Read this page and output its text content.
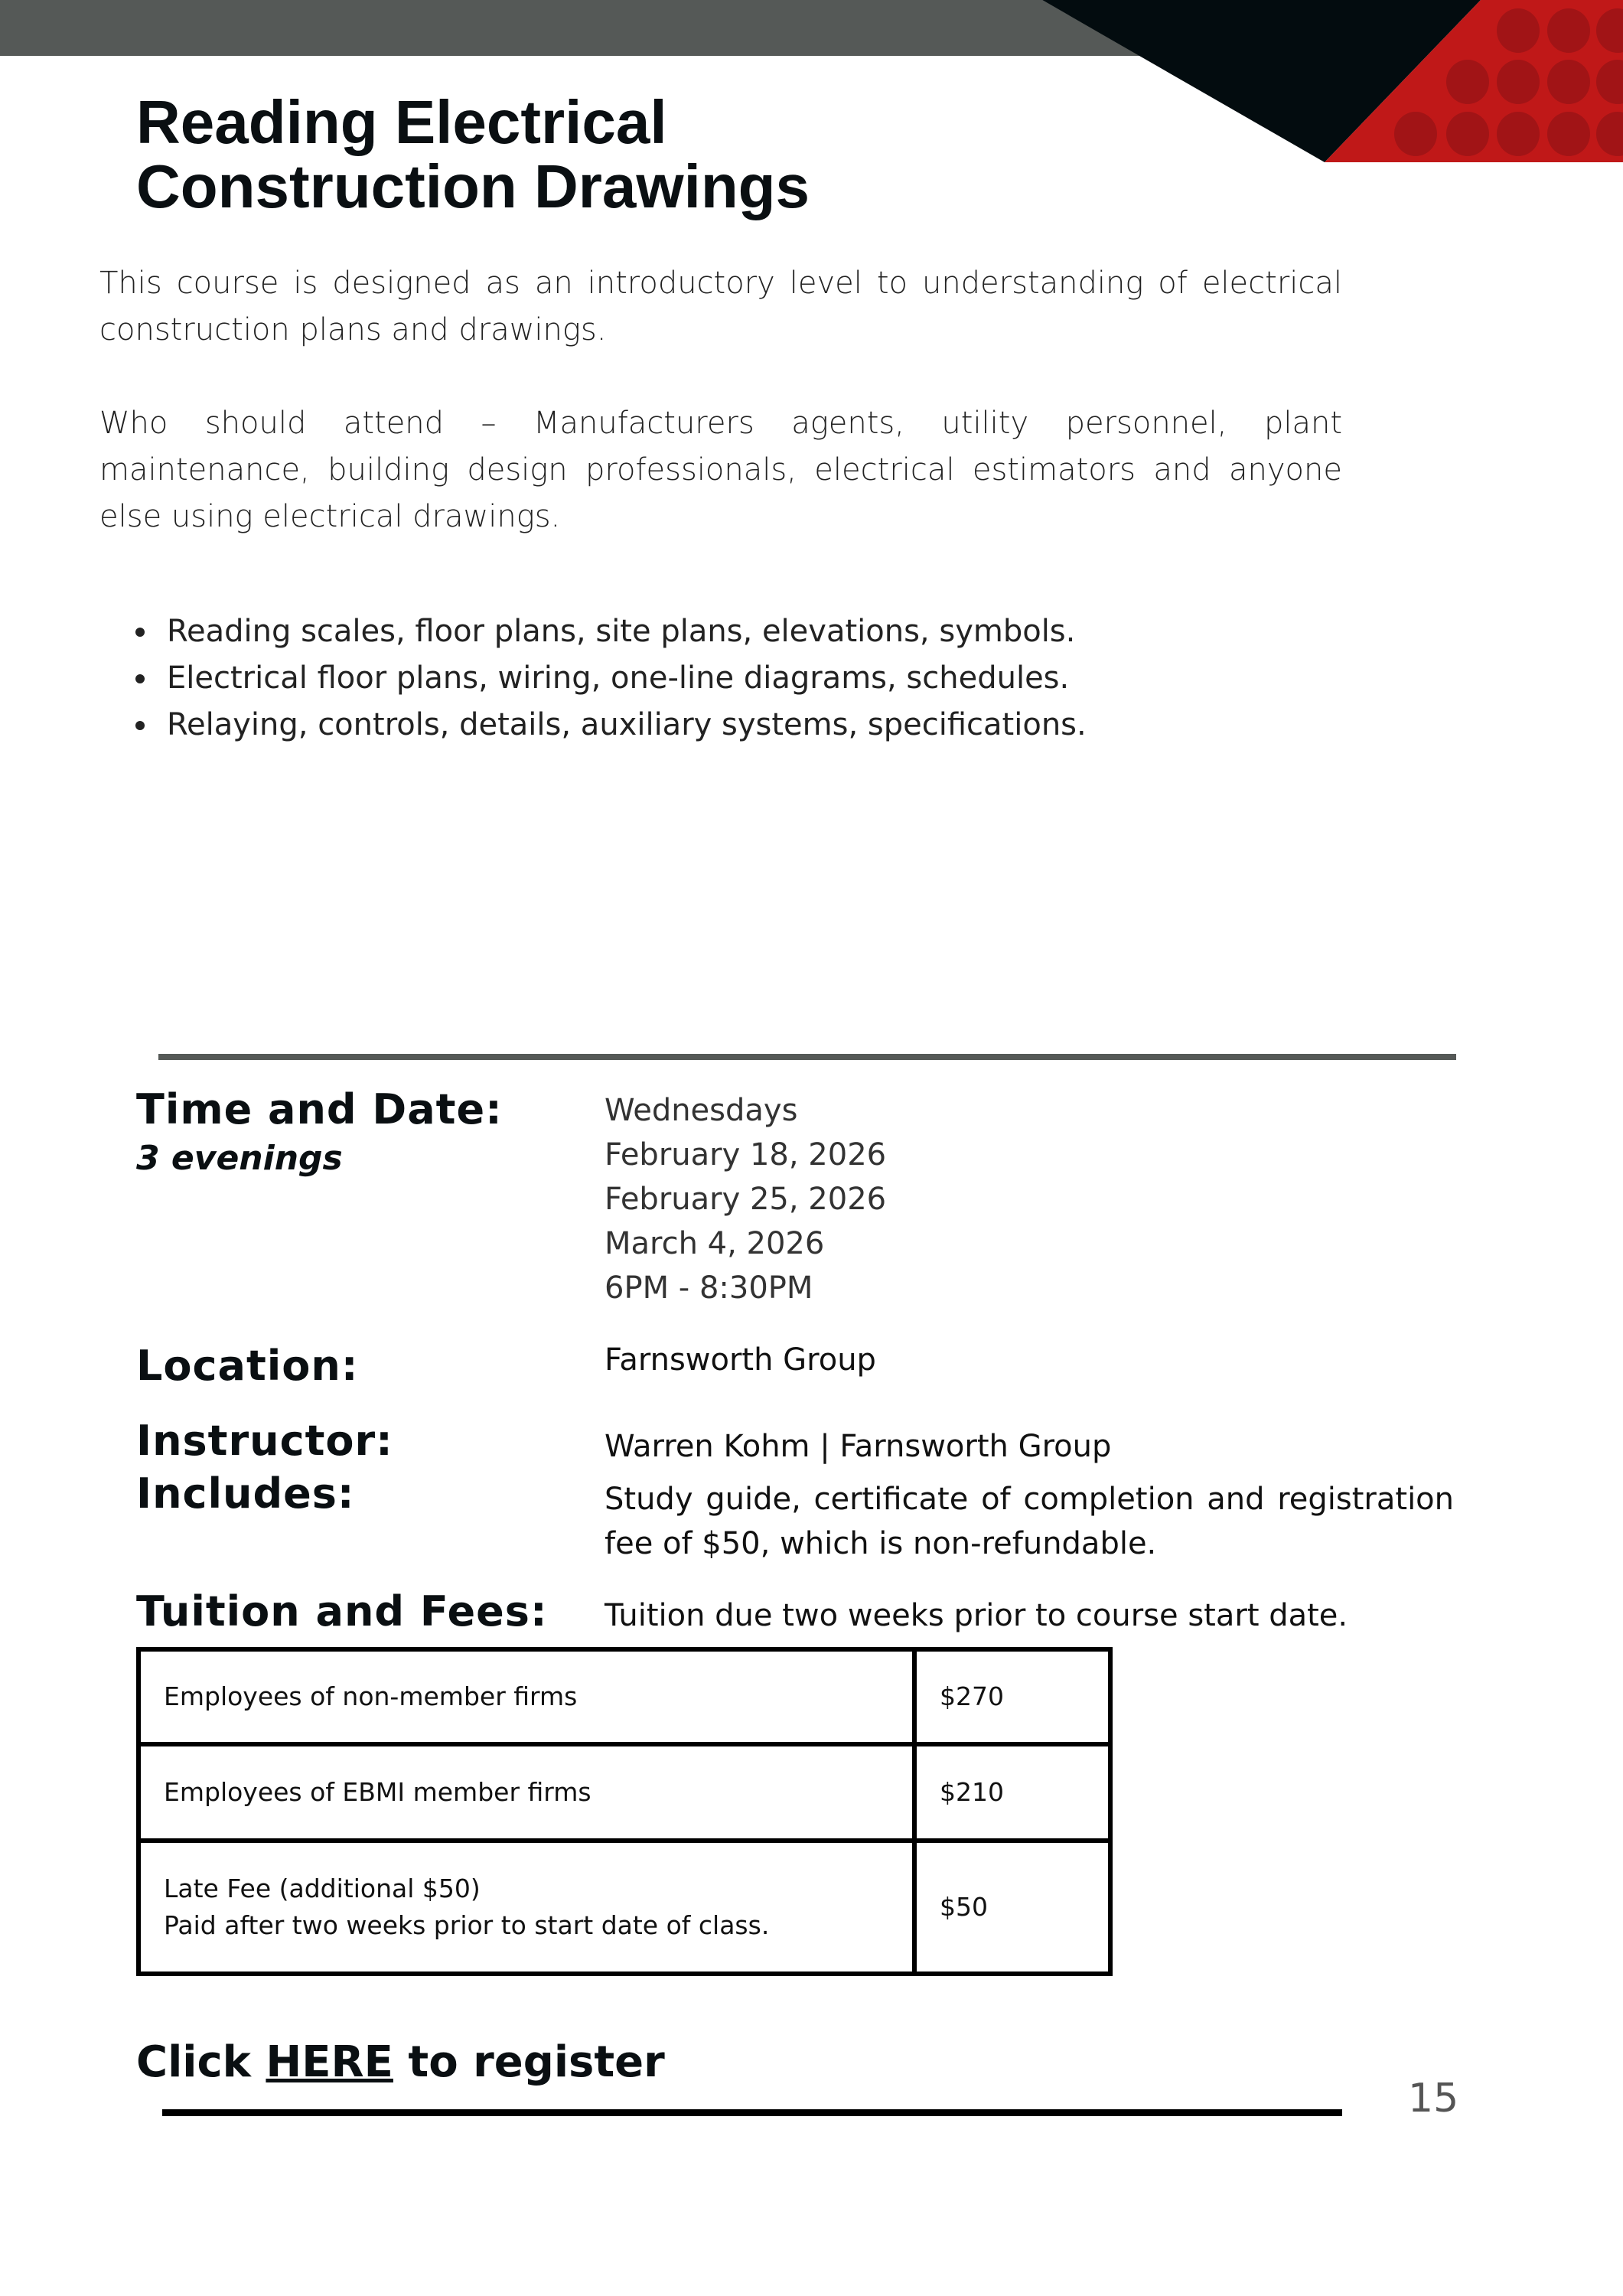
Reading Electrical
Construction Drawings

This course is designed as an introductory level to understanding of electrical construction plans and drawings.

Who should attend – Manufacturers agents, utility personnel, plant maintenance, building design professionals, electrical estimators and anyone else using electrical drawings.

• Reading scales, floor plans, site plans, elevations, symbols.
• Electrical floor plans, wiring, one-line diagrams, schedules.
• Relaying, controls, details, auxiliary systems, specifications.
Time and Date:
3 evenings
Wednesdays
February 18, 2026
February 25, 2026
March 4, 2026
6PM - 8:30PM
Location:	Farnsworth Group
Instructor:	Warren Kohm | Farnsworth Group
Includes:	Study guide, certificate of completion and registration fee of $50, which is non-refundable.
Tuition and Fees: Tuition due two weeks prior to course start date.
Employees of non-member firms	$270
Employees of EBMI member firms	$210

Late Fee (additional $50)
Paid after two weeks prior to start date of class.	$50
Click HERE to register
15
